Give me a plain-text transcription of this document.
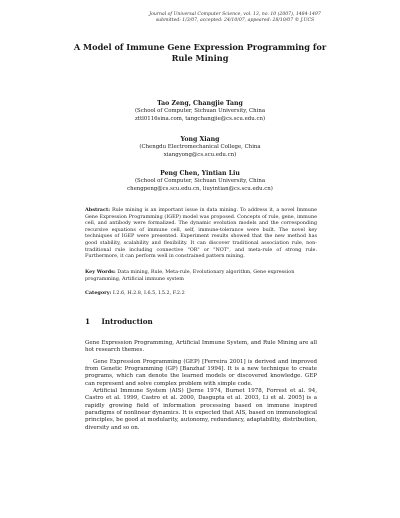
Journal of Universal Computer Science, vol. 13, no. 10 (2007), 1484-1497
submitted: 1/3/07, accepted: 24/10/07, appeared: 28/10/07 © J.UCS
A Model of Immune Gene Expression Programming for
Rule Mining
Tao Zeng, Changjie Tang
(School of Computer, Sichuan University, China
zttl0116sina.com, tangchangjie@cs.scu.edu.cn)
Yong Xiang
(Chengdu Electromechanical College, China
xiangyong@cs.scu.edu.cn)
Peng Chen, Yintian Liu
(School of Computer, Sichuan University, China
chengpeng@cs.scu.edu.cn, liuyintian@cs.scu.edu.cn)
Abstract: Rule mining is an important issue in data mining. To address it, a novel Immune Gene Expression Programming (IGEP) model was proposed. Concepts of rule, gene, immune cell, and antibody were formalized. The dynamic evolution models and the corresponding recursive equations of immune cell, self, immune-tolerance were built. The novel key techniques of IGEP were presented. Experiment results showed that the new method has good stability, scalability and flexibility. It can discover traditional association rule, non-traditional rule including connective "OR" or "NOT", and meta-rule of strong rule. Furthermore, it can perform well in constrained pattern mining.
Key Words: Data mining, Rule, Meta-rule, Evolutionary algorithm, Gene expression programming, Artificial immune system
Category: I.2.6, H.2.8, I.6.5, I.5.2, F.2.2
1 Introduction

Gene Expression Programming, Artificial Immune System, and Rule Mining are all hot research themes.

Gene Expression Programming (GEP) [Ferreira 2001] is derived and improved from Genetic Programming (GP) [Banzhaf 1994]. It is a new technique to create programs, which can denote the learned models or discovered knowledge. GEP can represent and solve complex problem with simple code.

Artificial Immune System (AIS) [Jerne 1974, Burnet 1978, Forrest et al. 94, Castro et al. 1999, Castro et al. 2000, Dasgupta et al. 2003, Li et al. 2005] is a rapidly growing field of information processing based on immune inspired paradigms of nonlinear dynamics. It is expected that AIS, based on immunological principles, be good at modularity, autonomy, redundancy, adaptability, distribution, diversity and so on.
